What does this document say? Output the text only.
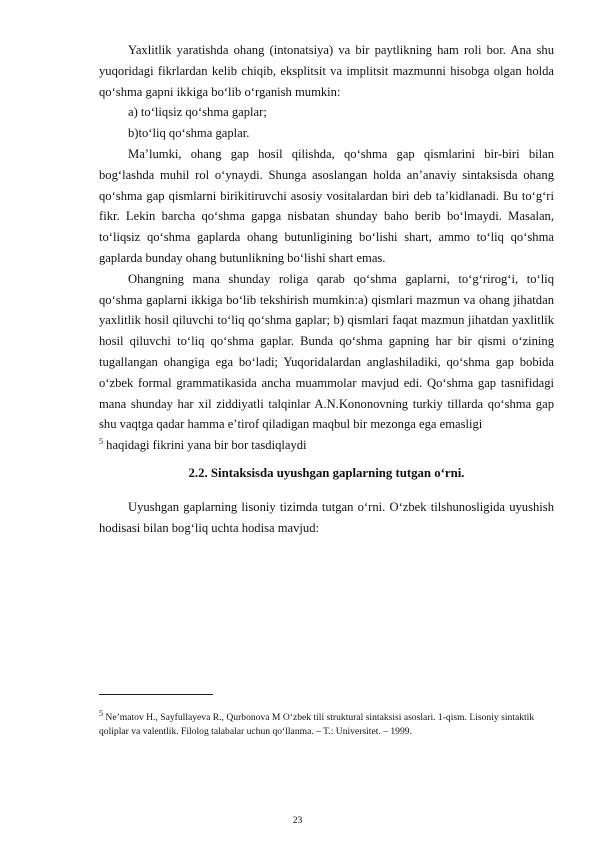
Yaxlitlik yaratishda ohang (intonatsiya) va bir paytlikning ham roli bor. Ana shu yuqoridagi fikrlardan kelib chiqib, eksplitsit va implitsit mazmunni hisobga olgan holda qoʻshma gapni ikkiga boʻlib oʻrganish mumkin:

a) toʻliqsiz qoʻshma gaplar;

b)toʻliq qoʻshma gaplar.

Maʼlumki, ohang gap hosil qilishda, qoʻshma gap qismlarini bir-biri bilan bogʻlashda muhil rol oʻynaydi. Shunga asoslangan holda anʼanaviy sintaksisda ohang qoʻshma gap qismlarni birikitiruvchi asosiy vositalardan biri deb taʼkidlanadi. Bu toʻgʻri fikr. Lekin barcha qoʻshma gapga nisbatan shunday baho berib boʻlmaydi. Masalan, toʻliqsiz qoʻshma gaplarda ohang butunligining boʻlishi shart, ammo toʻliq qoʻshma gaplarda bunday ohang butunlikning boʻlishi shart emas.

Ohangning mana shunday roliga qarab qoʻshma gaplarni, toʻgʻrirogʻi, toʻliq qoʻshma gaplarni ikkiga boʻlib tekshirish mumkin:a) qismlari mazmun va ohang jihatdan yaxlitlik hosil qiluvchi toʻliq qoʻshma gaplar; b) qismlari faqat mazmun jihatdan yaxlitlik hosil qiluvchi toʻliq qoʻshma gaplar. Bunda qoʻshma gapning har bir qismi oʻzining tugallangan ohangiga ega boʻladi; Yuqoridalardan anglashiladiki, qoʻshma gap bobida oʻzbek formal grammatikasida ancha muammolar mavjud edi. Qoʻshma gap tasnifidagi mana shunday har xil ziddiyatli talqinlar A.N.Kononovning turkiy tillarda qoʻshma gap shu vaqtga qadar hamma eʼtirof qiladigan maqbul bir mezonga ega emasligi

$^5$ haqidagi fikrini yana bir bor tasdiqlaydi

2.2. Sintaksisda uyushgan gaplarning tutgan oʻrni.

Uyushgan gaplarning lisoniy tizimda tutgan oʻrni. Oʻzbek tilshunosligida uyushish hodisasi bilan bogʻliq uchta hodisa mavjud:

$^5$ Neʼmatov H., Sayfullayeva R., Qurbonova M Oʻzbek tili struktural sintaksisi asoslari. 1-qism. Lisoniy sintaktik qoliplar va valentlik. Filolog talabalar uchun qoʻllanma. – T.: Universitet. – 1999.
23
